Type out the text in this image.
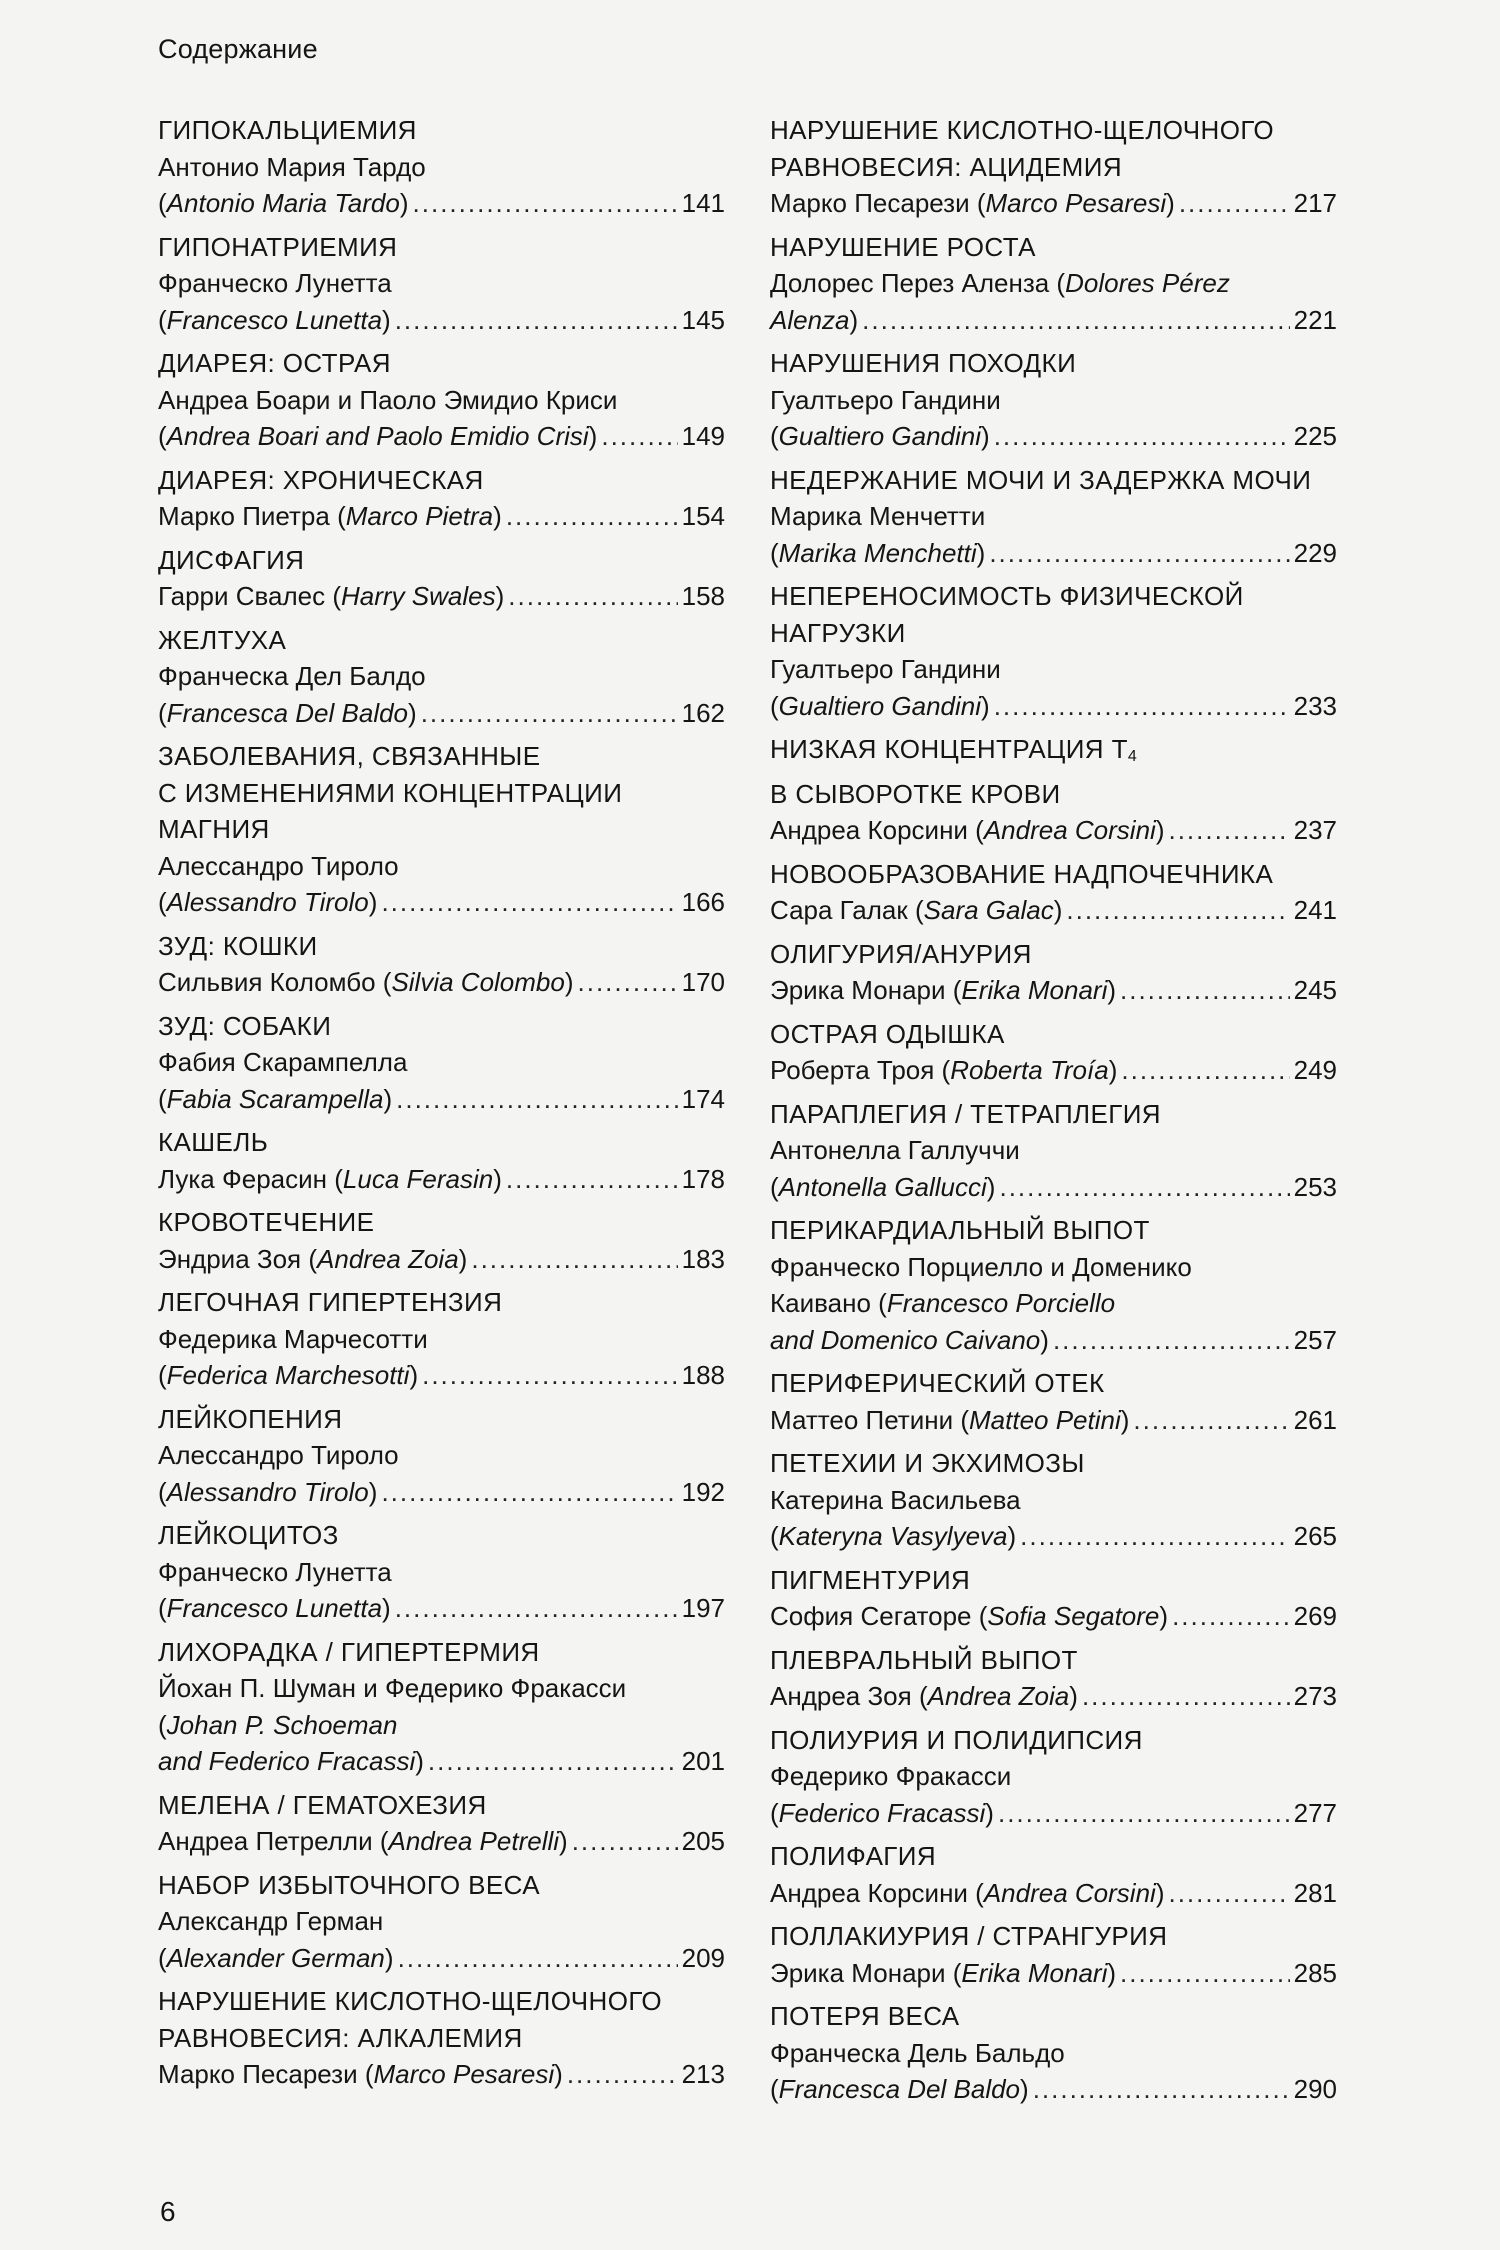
Содержание
ГИПОКАЛЬЦИЕМИЯ
Антонио Мария Тардо
(Antonio Maria Tardo) .....	141
ГИПОНАТРИЕМИЯ
Франческо Лунетта
(Francesco Lunetta) .....	145
ДИАРЕЯ: ОСТРАЯ
Андреа Боари и Паоло Эмидио Криси
(Andrea Boari and Paolo Emidio Crisi) .....	149
ДИАРЕЯ: ХРОНИЧЕСКАЯ
Марко Пиетра (Marco Pietra) .....	154
ДИСФАГИЯ
Гарри Свалес (Harry Swales) .....	158
ЖЕЛТУХА
Франческа Дел Балдо
(Francesca Del Baldo) .....	162
ЗАБОЛЕВАНИЯ, СВЯЗАННЫЕ
С ИЗМЕНЕНИЯМИ КОНЦЕНТРАЦИИ
МАГНИЯ
Алессандро Тироло
(Alessandro Tirolo) .....	166
ЗУД: КОШКИ
Сильвия Коломбо (Silvia Colombo) .....	170
ЗУД: СОБАКИ
Фабия Скарампелла
(Fabia Scarampella) .....	174
КАШЕЛЬ
Лука Ферасин (Luca Ferasin) .....	178
КРОВОТЕЧЕНИЕ
Эндриа Зоя (Andrea Zoia) .....	183
ЛЕГОЧНАЯ ГИПЕРТЕНЗИЯ
Федерика Марчесотти
(Federica Marchesotti) .....	188
ЛЕЙКОПЕНИЯ
Алессандро Тироло
(Alessandro Tirolo) .....	192
ЛЕЙКОЦИТОЗ
Франческо Лунетта
(Francesco Lunetta) .....	197
ЛИХОРАДКА / ГИПЕРТЕРМИЯ
Йохан П. Шуман и Федерико Фракасси
(Johan P. Schoeman
and Federico Fracassi) .....	201
МЕЛЕНА / ГЕМАТОХЕЗИЯ
Андреа Петрелли (Andrea Petrelli) .....	205
НАБОР ИЗБЫТОЧНОГО ВЕСА
Александр Герман
(Alexander German) .....	209
НАРУШЕНИЕ КИСЛОТНО-ЩЕЛОЧНОГО
РАВНОВЕСИЯ: АЛКАЛЕМИЯ
Марко Песарези (Marco Pesaresi) .....	213
НАРУШЕНИЕ КИСЛОТНО-ЩЕЛОЧНОГО
РАВНОВЕСИЯ: АЦИДЕМИЯ
Марко Песарези (Marco Pesaresi) .....	217
НАРУШЕНИЕ РОСТА
Долорес Перез Аленза (Dolores Pérez
Alenza) .....	221
НАРУШЕНИЯ ПОХОДКИ
Гуалтьеро Гандини
(Gualtiero Gandini) .....	225
НЕДЕРЖАНИЕ МОЧИ И ЗАДЕРЖКА МОЧИ
Марика Менчетти
(Marika Menchetti) .....	229
НЕПЕРЕНОСИМОСТЬ ФИЗИЧЕСКОЙ
НАГРУЗКИ
Гуалтьеро Гандини
(Gualtiero Gandini) .....	233
НИЗКАЯ КОНЦЕНТРАЦИЯ $Т_4$
В СЫВОРОТКЕ КРОВИ
Андреа Корсини (Andrea Corsini) .....	237
НОВООБРАЗОВАНИЕ НАДПОЧЕЧНИКА
Сара Галак (Sara Galac) .....	241
ОЛИГУРИЯ/АНУРИЯ
Эрика Монари (Erika Monari) .....	245
ОСТРАЯ ОДЫШКА
Роберта Троя (Roberta Troía) .....	249
ПАРАПЛЕГИЯ / ТЕТРАПЛЕГИЯ
Антонелла Галлуччи
(Antonella Gallucci) .....	253
ПЕРИКАРДИАЛЬНЫЙ ВЫПОТ
Франческо Порциелло и Доменико
Каивано (Francesco Porciello
and Domenico Caivano) .....	257
ПЕРИФЕРИЧЕСКИЙ ОТЕК
Маттео Петини (Matteo Petini) .....	261
ПЕТЕХИИ И ЭКХИМОЗЫ
Катерина Васильева
(Kateryna Vasylyeva) .....	265
ПИГМЕНТУРИЯ
София Сегаторе (Sofia Segatore) .....	269
ПЛЕВРАЛЬНЫЙ ВЫПОТ
Андреа Зоя (Andrea Zoia) .....	273
ПОЛИУРИЯ И ПОЛИДИПСИЯ
Федерико Фракасси
(Federico Fracassi) .....	277
ПОЛИФАГИЯ
Андреа Корсини (Andrea Corsini) .....	281
ПОЛЛАКИУРИЯ / СТРАНГУРИЯ
Эрика Монари (Erika Monari) .....	285
ПОТЕРЯ ВЕСА
Франческа Дель Бальдо
(Francesca Del Baldo) .....	290
6
